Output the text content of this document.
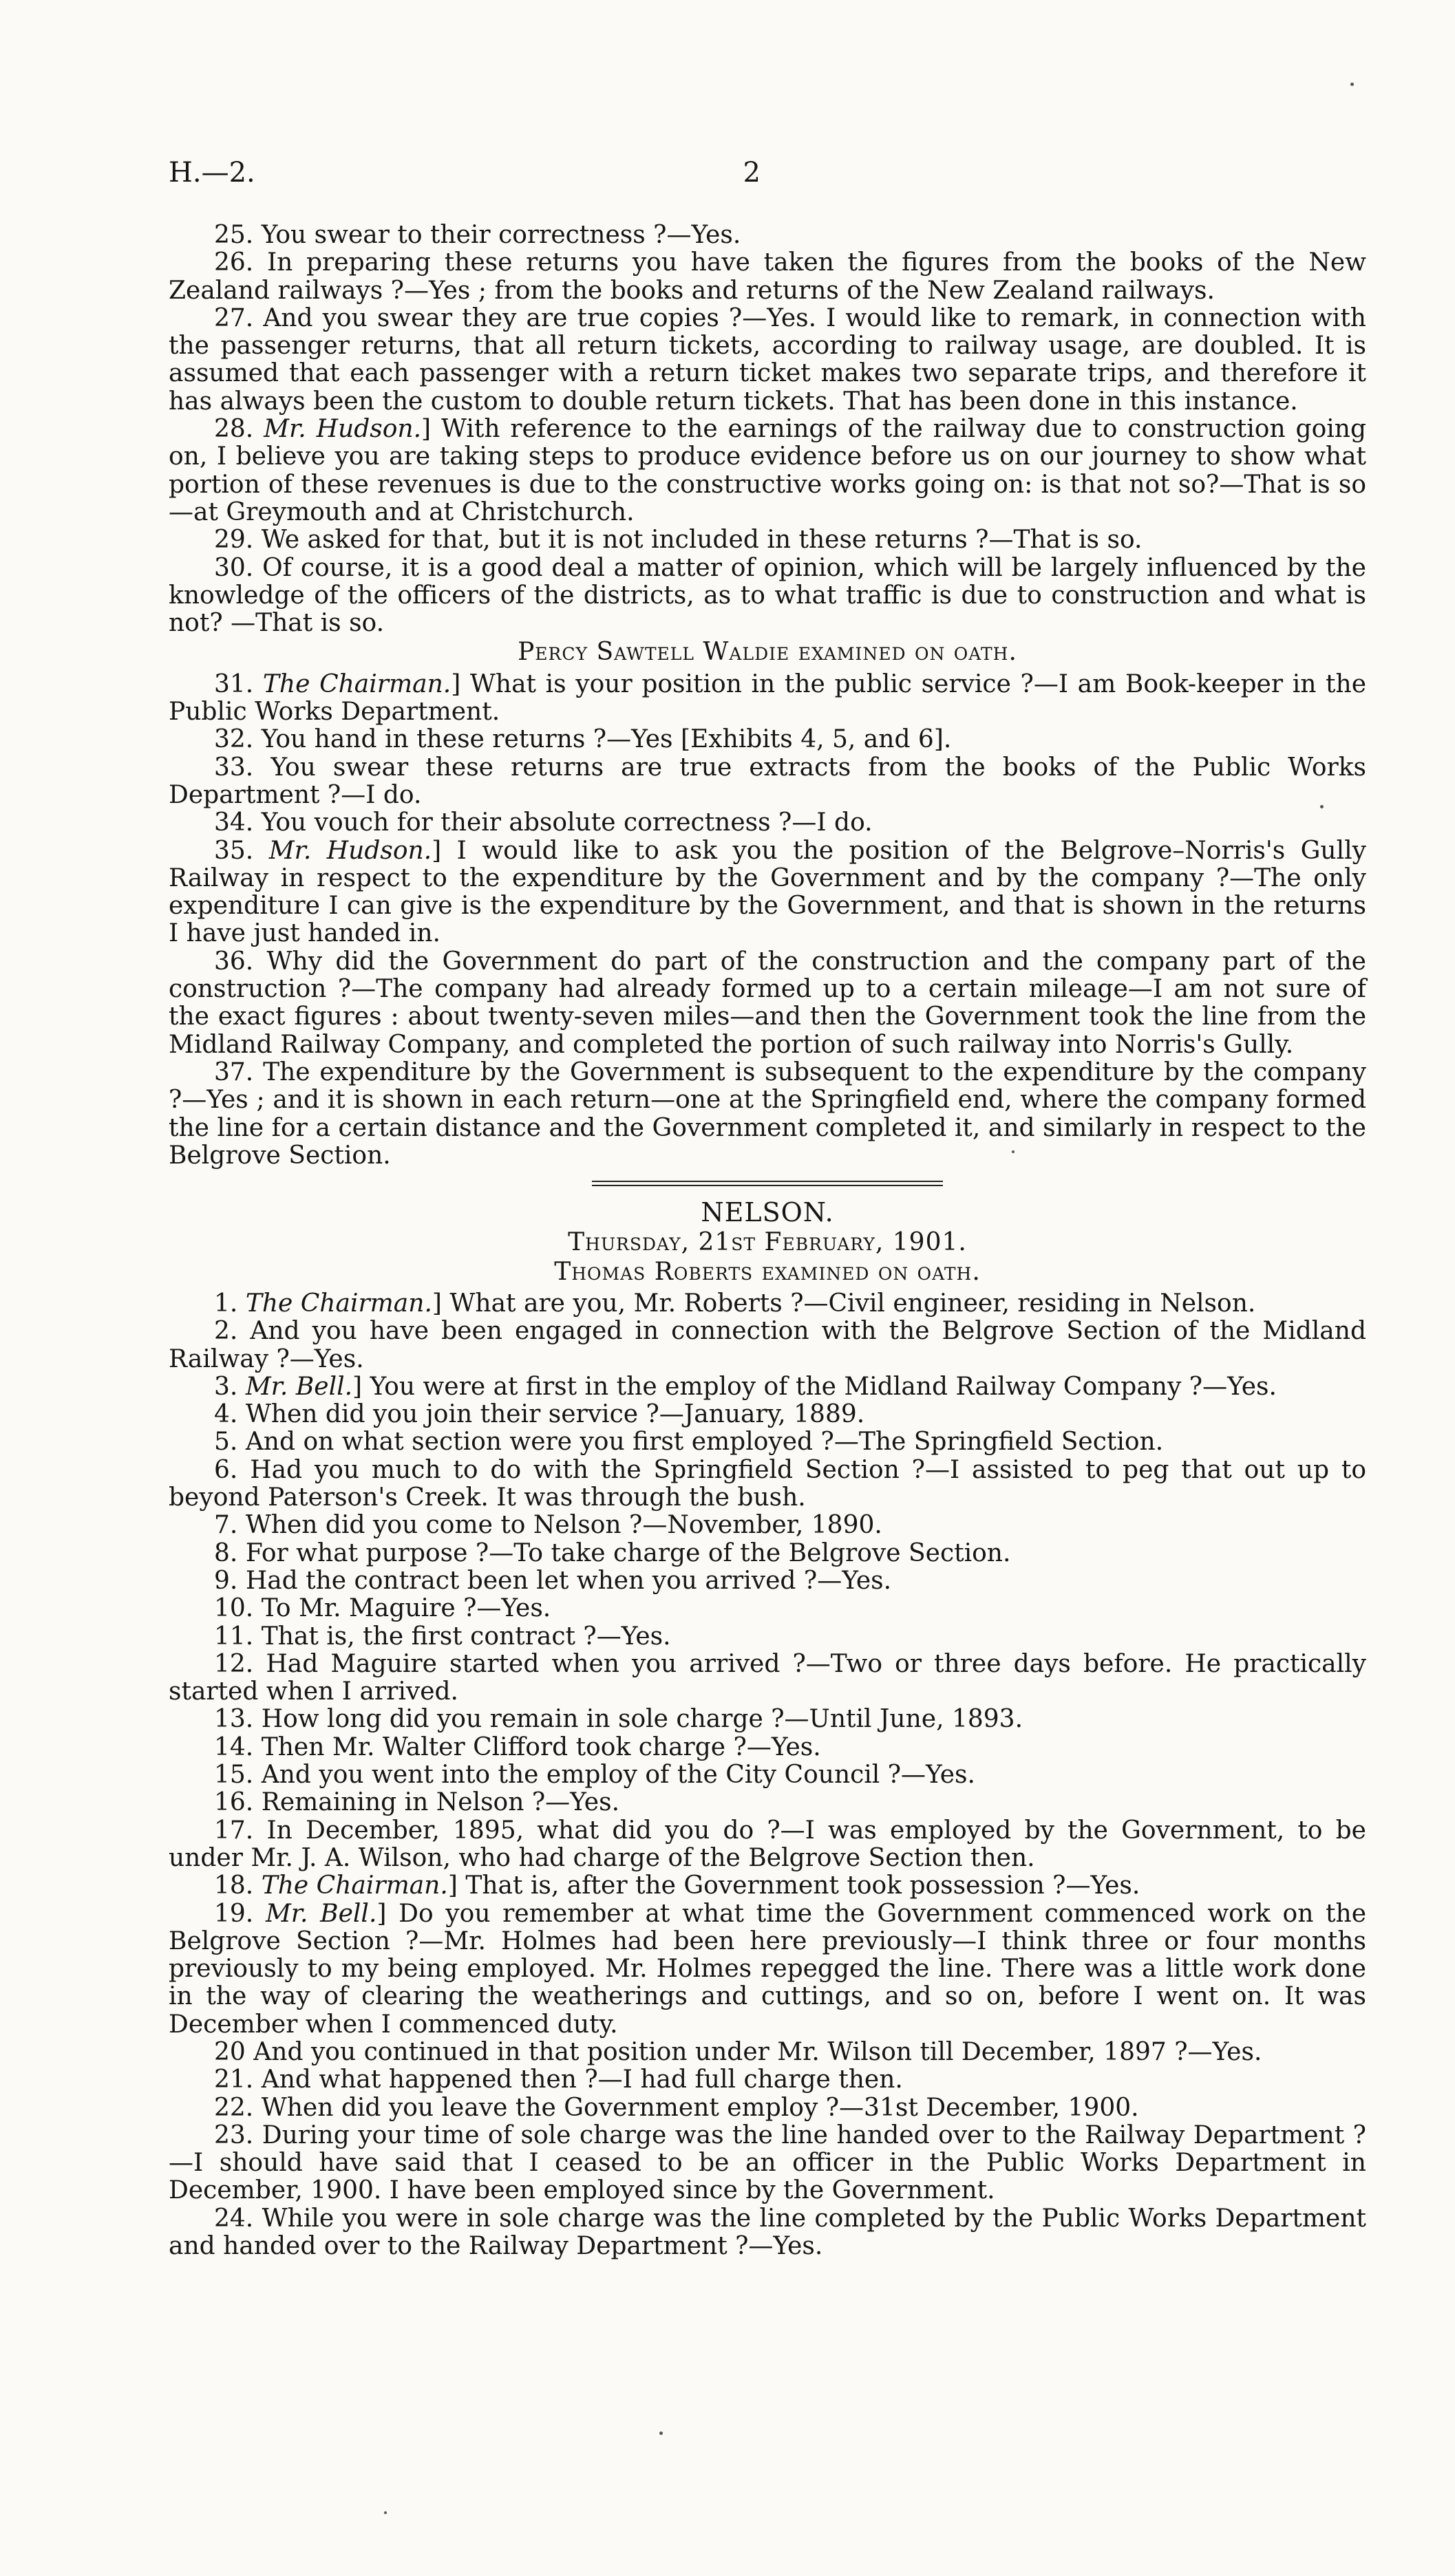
H.—2.	2

25. You swear to their correctness ?—Yes.

26. In preparing these returns you have taken the figures from the books of the New Zealand railways ?—Yes ; from the books and returns of the New Zealand railways.

27. And you swear they are true copies ?—Yes. I would like to remark, in connection with the passenger returns, that all return tickets, according to railway usage, are doubled. It is assumed that each passenger with a return ticket makes two separate trips, and therefore it has always been the custom to double return tickets. That has been done in this instance.

28. Mr. Hudson.] With reference to the earnings of the railway due to construction going on, I believe you are taking steps to produce evidence before us on our journey to show what portion of these revenues is due to the constructive works going on: is that not so?—That is so—at Greymouth and at Christchurch.

29. We asked for that, but it is not included in these returns ?—That is so.

30. Of course, it is a good deal a matter of opinion, which will be largely influenced by the knowledge of the officers of the districts, as to what traffic is due to construction and what is not? —That is so.

Percy Sawtell Waldie examined on oath.

31. The Chairman.] What is your position in the public service ?—I am Book-keeper in the Public Works Department.

32. You hand in these returns ?—Yes [Exhibits 4, 5, and 6].

33. You swear these returns are true extracts from the books of the Public Works Department ?—I do.

34. You vouch for their absolute correctness ?—I do.

35. Mr. Hudson.] I would like to ask you the position of the Belgrove–Norris's Gully Railway in respect to the expenditure by the Government and by the company ?—The only expenditure I can give is the expenditure by the Government, and that is shown in the returns I have just handed in.

36. Why did the Government do part of the construction and the company part of the construction ?—The company had already formed up to a certain mileage—I am not sure of the exact figures : about twenty-seven miles—and then the Government took the line from the Midland Railway Company, and completed the portion of such railway into Norris's Gully.

37. The expenditure by the Government is subsequent to the expenditure by the company ?—Yes ; and it is shown in each return—one at the Springfield end, where the company formed the line for a certain distance and the Government completed it, and similarly in respect to the Belgrove Section.

NELSON.

Thursday, 21st February, 1901.

Thomas Roberts examined on oath.

1. The Chairman.] What are you, Mr. Roberts ?—Civil engineer, residing in Nelson.

2. And you have been engaged in connection with the Belgrove Section of the Midland Railway ?—Yes.

3. Mr. Bell.] You were at first in the employ of the Midland Railway Company ?—Yes.

4. When did you join their service ?—January, 1889.

5. And on what section were you first employed ?—The Springfield Section.

6. Had you much to do with the Springfield Section ?—I assisted to peg that out up to beyond Paterson's Creek. It was through the bush.

7. When did you come to Nelson ?—November, 1890.

8. For what purpose ?—To take charge of the Belgrove Section.

9. Had the contract been let when you arrived ?—Yes.

10. To Mr. Maguire ?—Yes.

11. That is, the first contract ?—Yes.

12. Had Maguire started when you arrived ?—Two or three days before. He practically started when I arrived.

13. How long did you remain in sole charge ?—Until June, 1893.

14. Then Mr. Walter Clifford took charge ?—Yes.

15. And you went into the employ of the City Council ?—Yes.

16. Remaining in Nelson ?—Yes.

17. In December, 1895, what did you do ?—I was employed by the Government, to be under Mr. J. A. Wilson, who had charge of the Belgrove Section then.

18. The Chairman.] That is, after the Government took possession ?—Yes.

19. Mr. Bell.] Do you remember at what time the Government commenced work on the Belgrove Section ?—Mr. Holmes had been here previously—I think three or four months previously to my being employed. Mr. Holmes repegged the line. There was a little work done in the way of clearing the weatherings and cuttings, and so on, before I went on. It was December when I commenced duty.

20 And you continued in that position under Mr. Wilson till December, 1897 ?—Yes.

21. And what happened then ?—I had full charge then.

22. When did you leave the Government employ ?—31st December, 1900.

23. During your time of sole charge was the line handed over to the Railway Department ?—I should have said that I ceased to be an officer in the Public Works Department in December, 1900. I have been employed since by the Government.

24. While you were in sole charge was the line completed by the Public Works Department and handed over to the Railway Department ?—Yes.
